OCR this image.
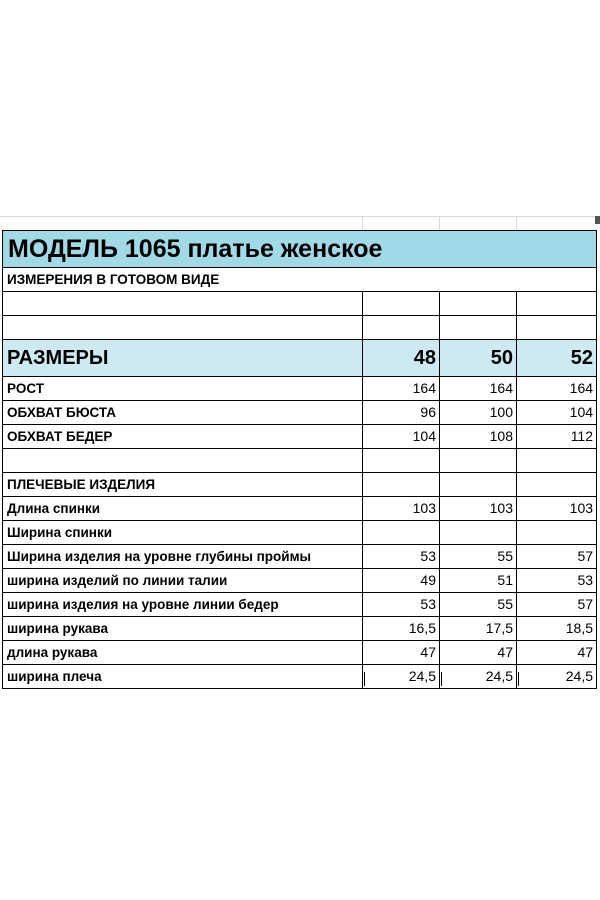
МОДЕЛЬ 1065 платье женское			
ИЗМЕРЕНИЯ В ГОТОВОМ ВИДЕ			

РАЗМЕРЫ	48	50	52
РОСТ	164	164	164
ОБХВАТ БЮСТА	96	100	104
ОБХВАТ БЕДЕР	104	108	112

ПЛЕЧЕВЫЕ ИЗДЕЛИЯ			
Длина спинки	103	103	103
Ширина спинки			
Ширина изделия на уровне глубины проймы	53	55	57
ширина изделий по линии талии	49	51	53
ширина изделия на уровне линии бедер	53	55	57
ширина рукава	16,5	17,5	18,5
длина рукава	47	47	47
ширина плеча	24,5	24,5	24,5
